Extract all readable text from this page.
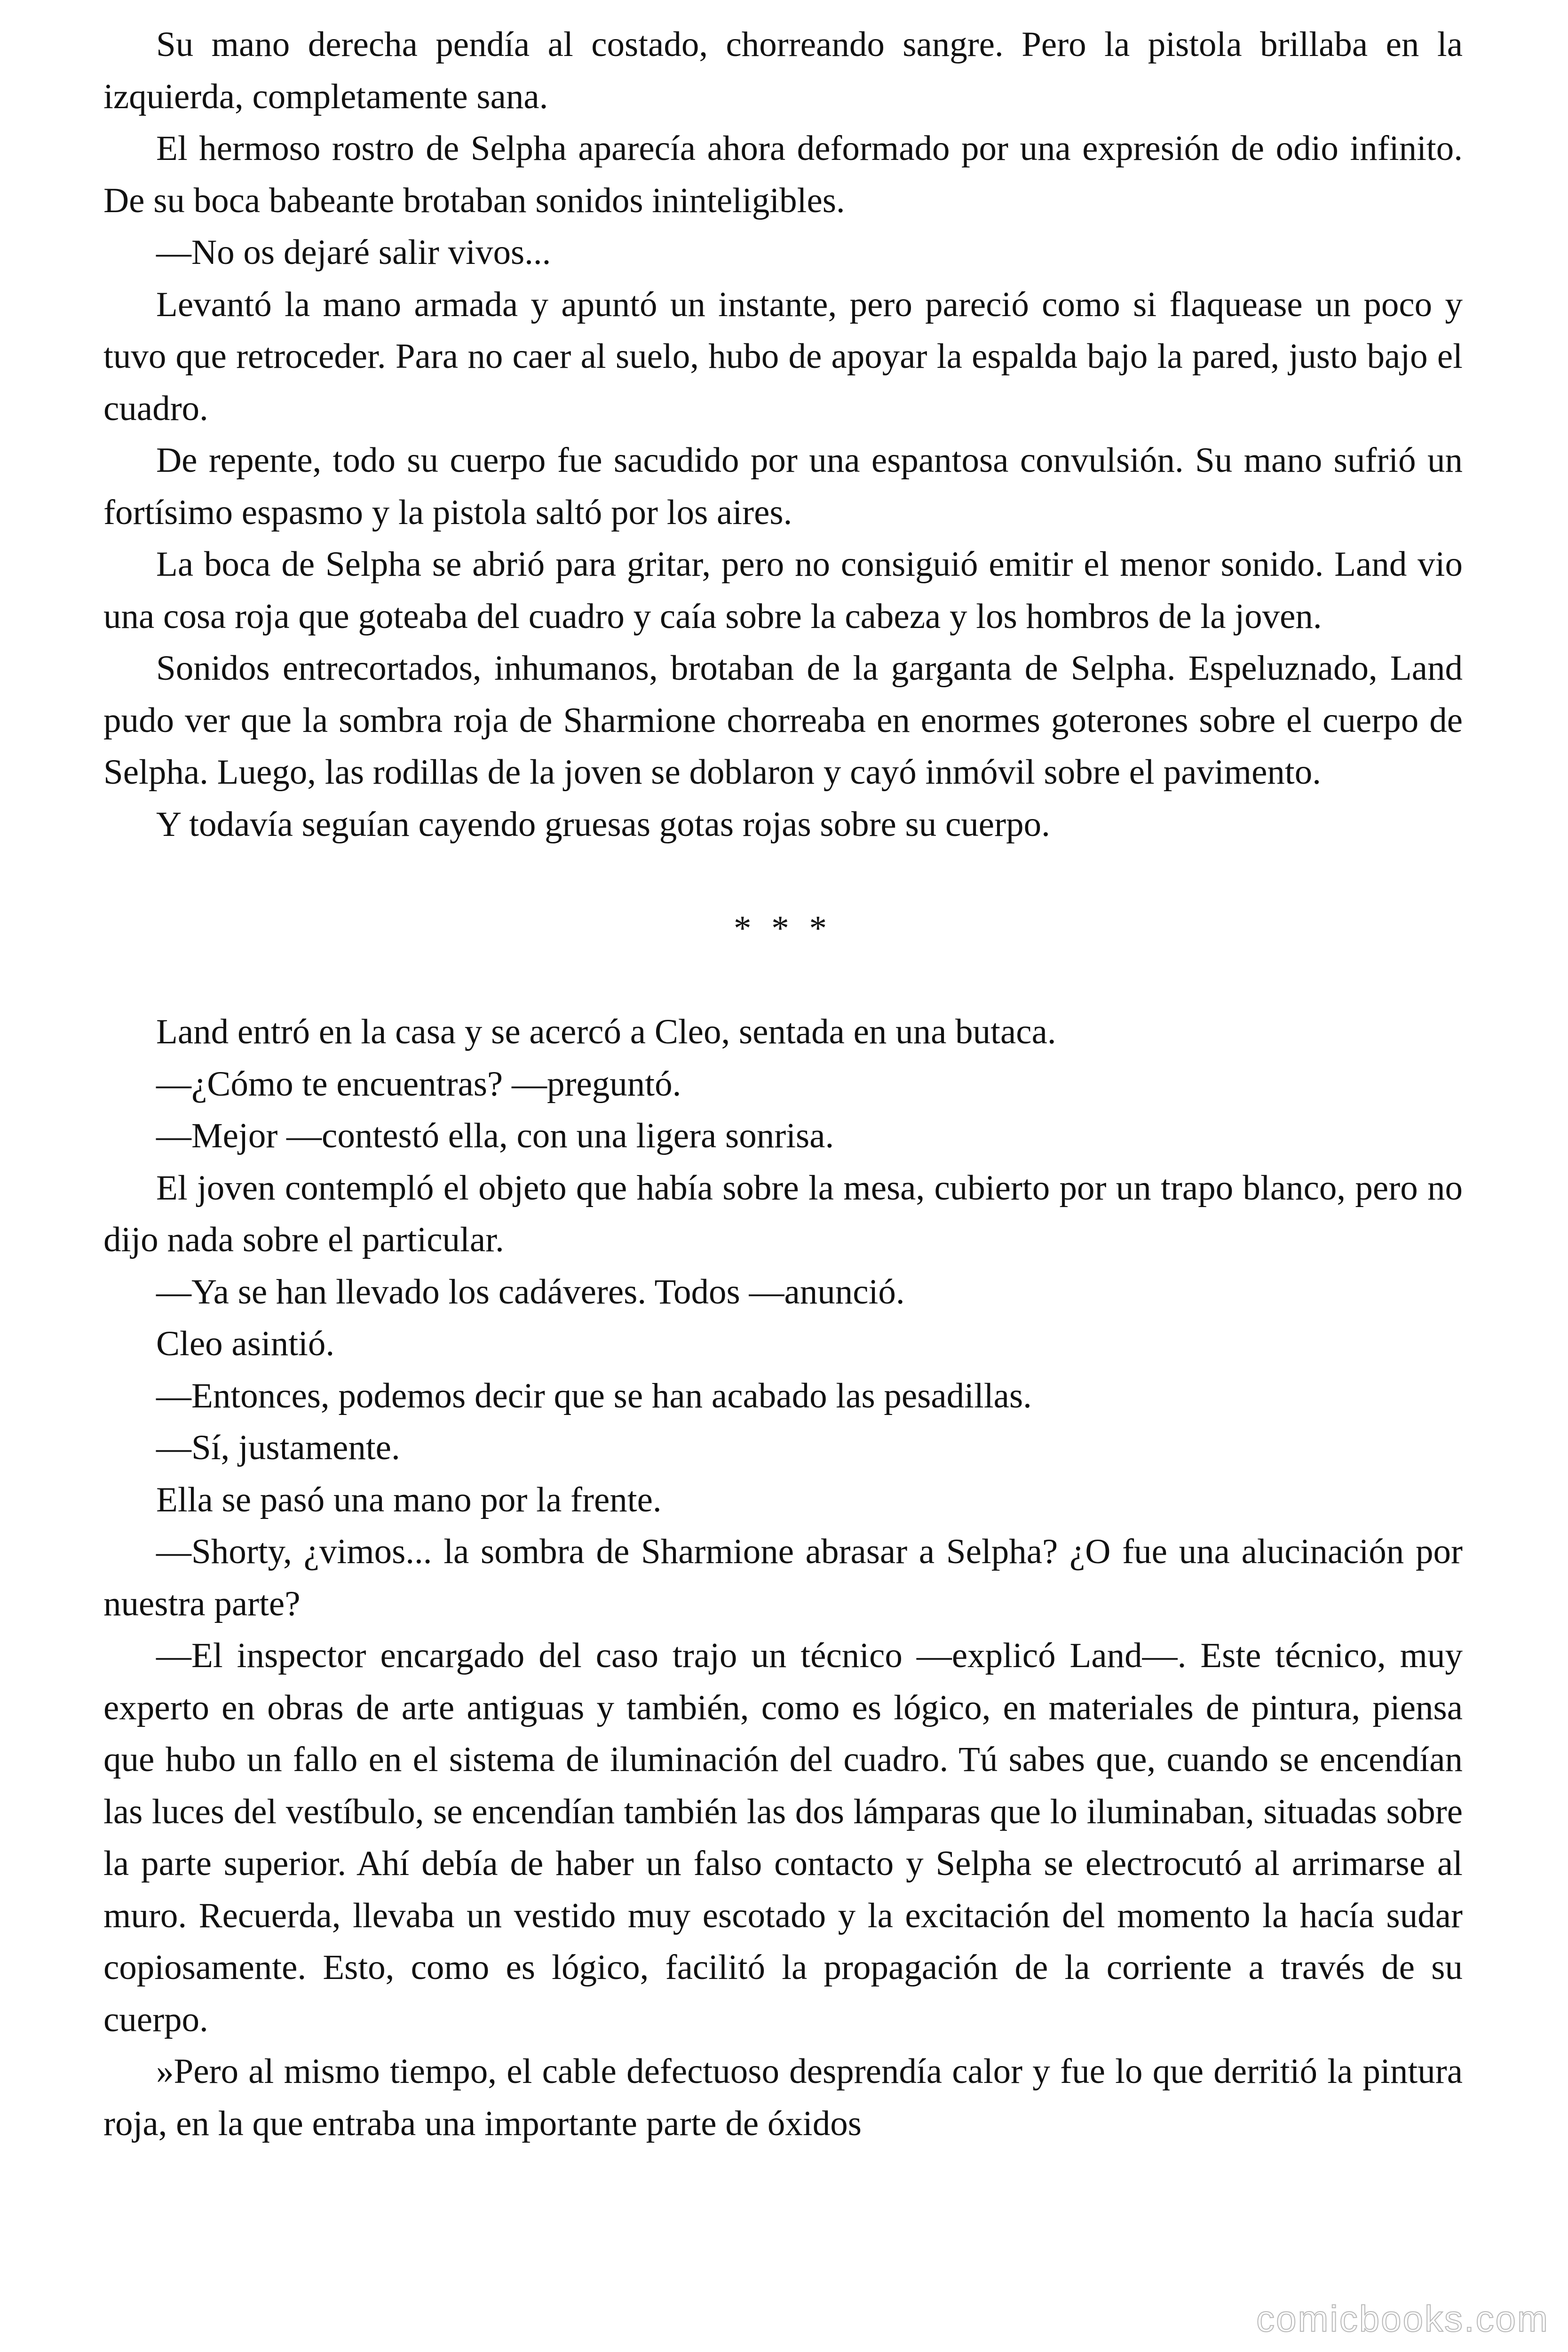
Su mano derecha pendía al costado, chorreando sangre. Pero la pistola brillaba en la izquierda, completamente sana.

El hermoso rostro de Selpha aparecía ahora deformado por una expresión de odio infinito. De su boca babeante brotaban sonidos ininteligibles.

—No os dejaré salir vivos...

Levantó la mano armada y apuntó un instante, pero pareció como si flaquease un poco y tuvo que retroceder. Para no caer al suelo, hubo de apoyar la espalda bajo la pared, justo bajo el cuadro.

De repente, todo su cuerpo fue sacudido por una espantosa convulsión. Su mano sufrió un fortísimo espasmo y la pistola saltó por los aires.

La boca de Selpha se abrió para gritar, pero no consiguió emitir el menor sonido. Land vio una cosa roja que goteaba del cuadro y caía sobre la cabeza y los hombros de la joven.

Sonidos entrecortados, inhumanos, brotaban de la garganta de Selpha. Espeluznado, Land pudo ver que la sombra roja de Sharmione chorreaba en enormes goterones sobre el cuerpo de Selpha. Luego, las rodillas de la joven se doblaron y cayó inmóvil sobre el pavimento.

Y todavía seguían cayendo gruesas gotas rojas sobre su cuerpo.

* * *

Land entró en la casa y se acercó a Cleo, sentada en una butaca.

—¿Cómo te encuentras? —preguntó.

—Mejor —contestó ella, con una ligera sonrisa.

El joven contempló el objeto que había sobre la mesa, cubierto por un trapo blanco, pero no dijo nada sobre el particular.

—Ya se han llevado los cadáveres. Todos —anunció.

Cleo asintió.

—Entonces, podemos decir que se han acabado las pesadillas.

—Sí, justamente.

Ella se pasó una mano por la frente.

—Shorty, ¿vimos... la sombra de Sharmione abrasar a Selpha? ¿O fue una alucinación por nuestra parte?

—El inspector encargado del caso trajo un técnico —explicó Land—. Este técnico, muy experto en obras de arte antiguas y también, como es lógico, en materiales de pintura, piensa que hubo un fallo en el sistema de iluminación del cuadro. Tú sabes que, cuando se encendían las luces del vestíbulo, se encendían también las dos lámparas que lo iluminaban, situadas sobre la parte superior. Ahí debía de haber un falso contacto y Selpha se electrocutó al arrimarse al muro. Recuerda, llevaba un vestido muy escotado y la excitación del momento la hacía sudar copiosamente. Esto, como es lógico, facilitó la propagación de la corriente a través de su cuerpo.

»Pero al mismo tiempo, el cable defectuoso desprendía calor y fue lo que derritió la pintura roja, en la que entraba una importante parte de óxidos

comicbooks.com
